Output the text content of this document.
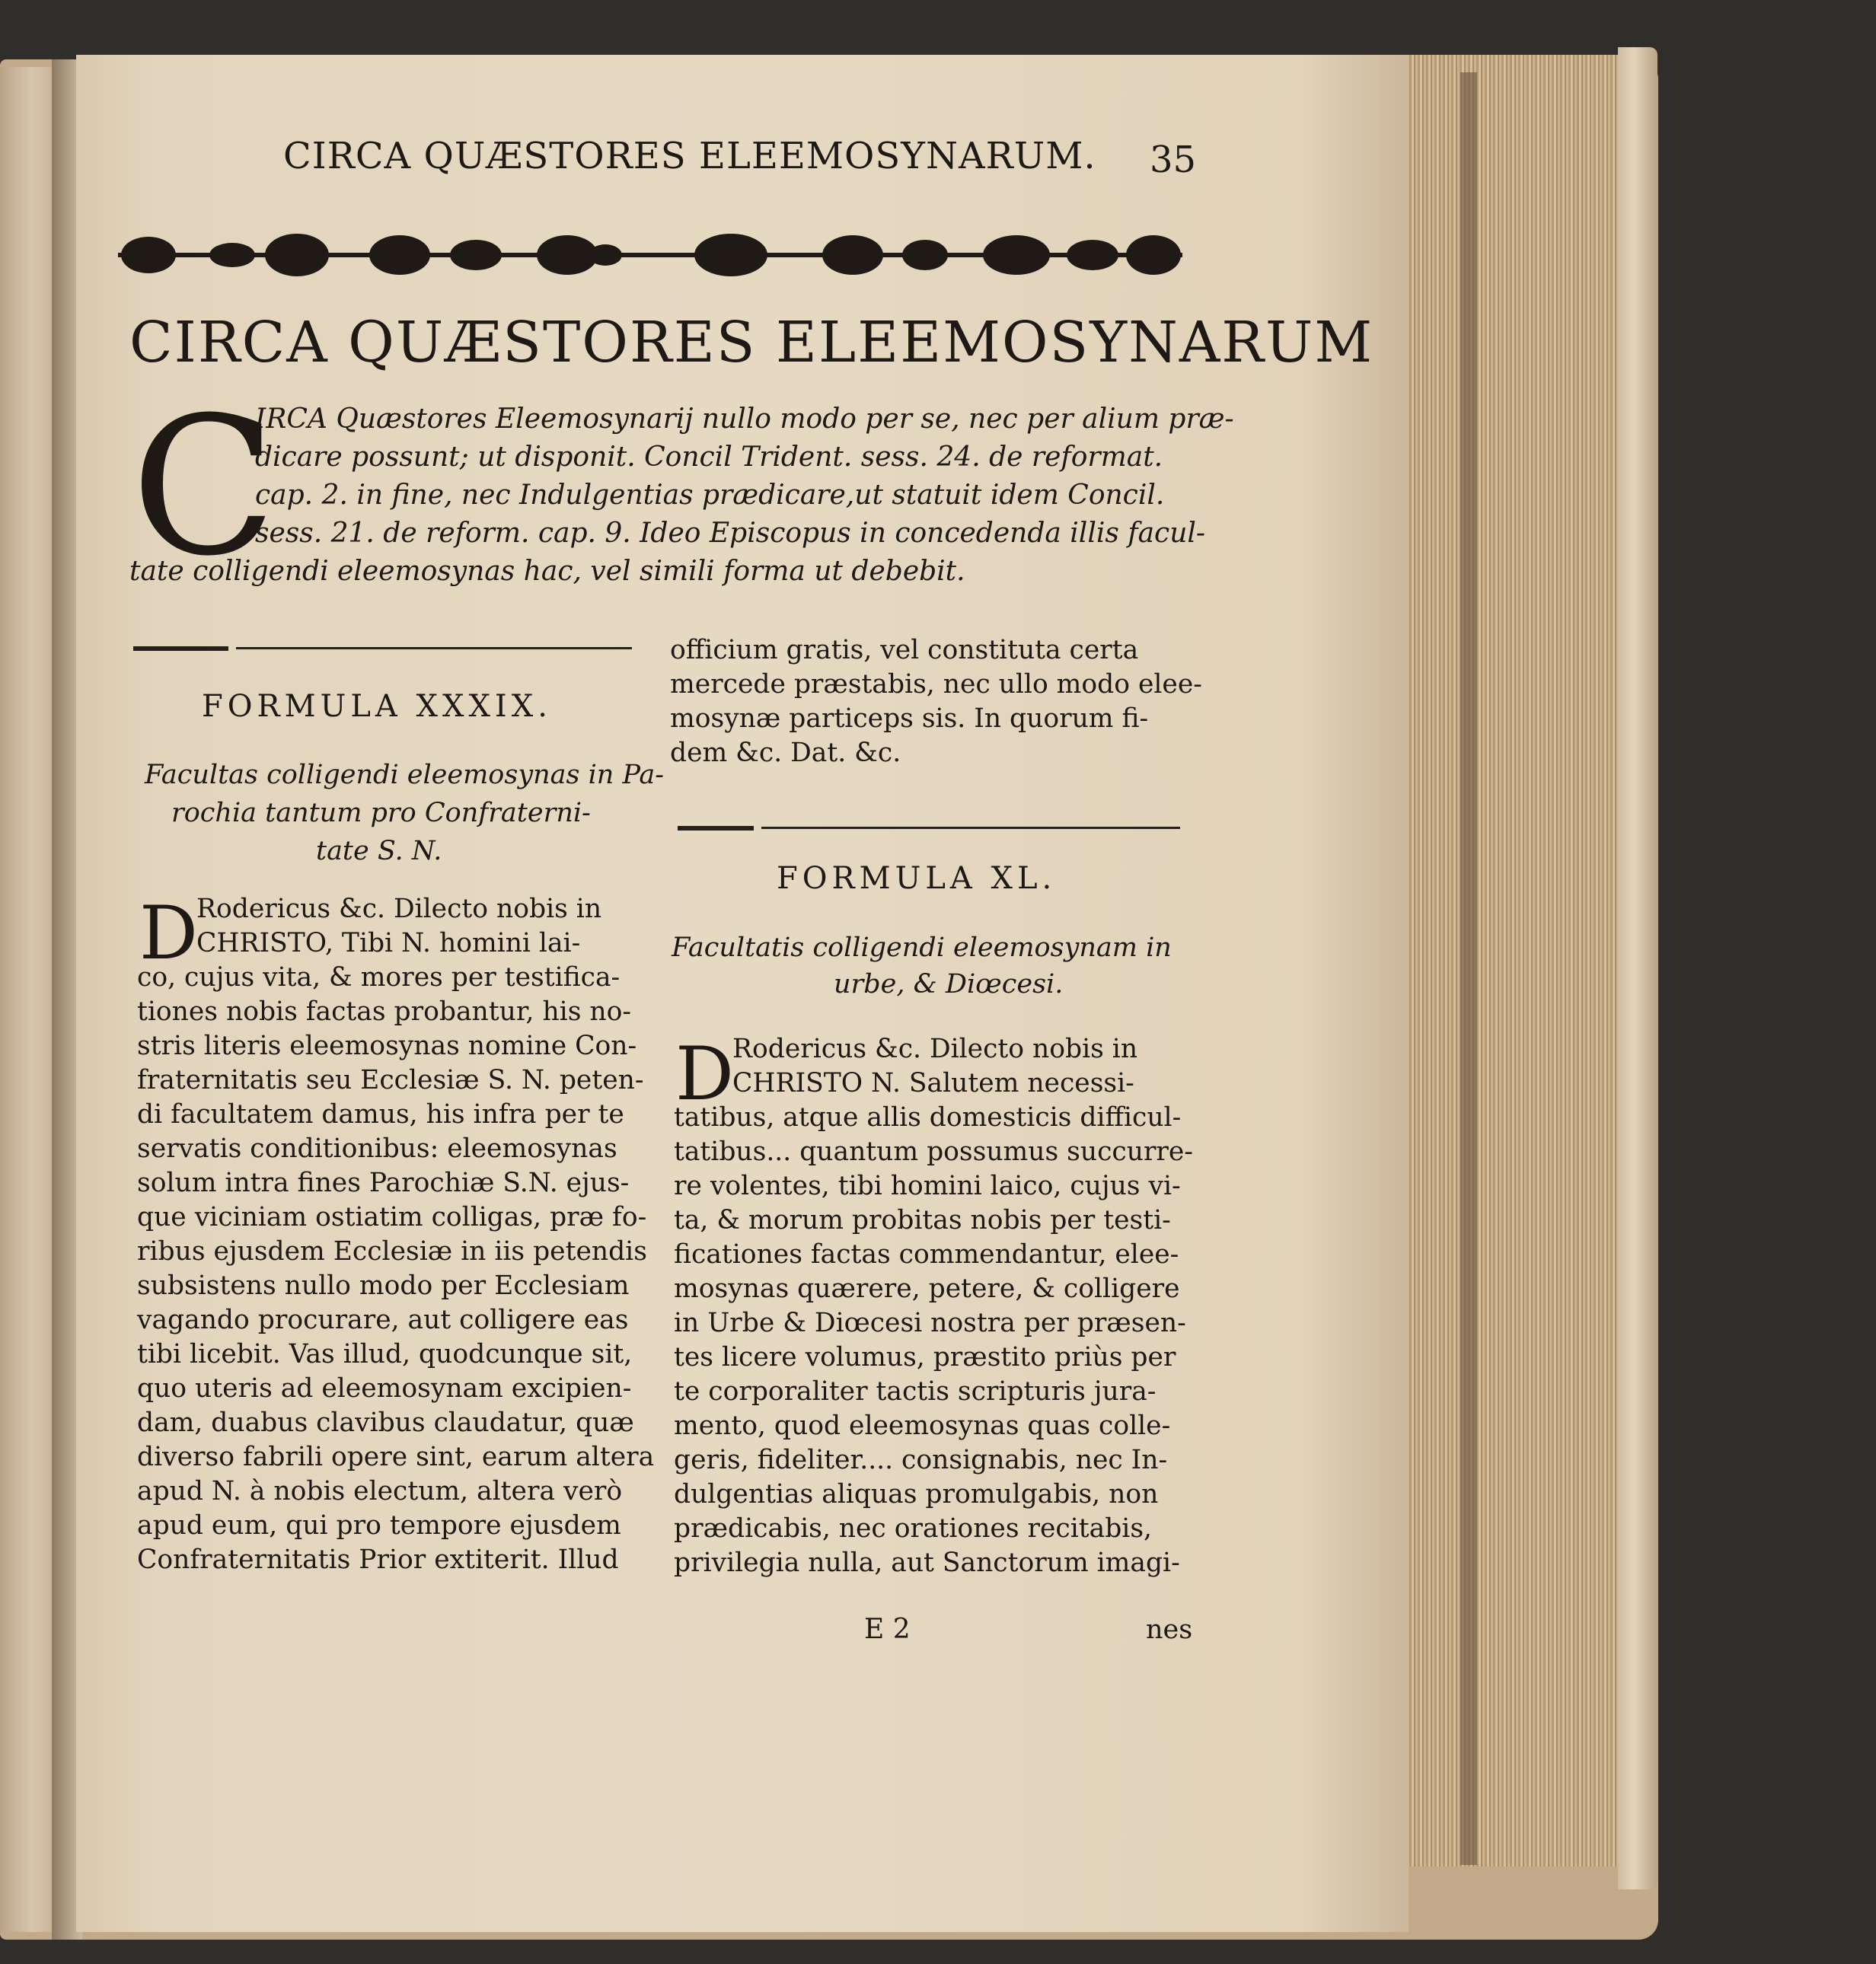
CIRCA QUÆSTORES ELEEMOSYNARUM. 35
CIRCA QUÆSTORES ELEEMOSYNARUM
C
IRCA Quæstores Eleemosynarij nullo modo per se, nec per alium præ-
dicare possunt; ut disponit. Concil Trident. sess. 24. de reformat.
cap. 2. in fine, nec Indulgentias prædicare,ut statuit idem Concil.
sess. 21. de reform. cap. 9. Ideo Episcopus in concedenda illis facul-
tate colligendi eleemosynas hac, vel simili forma ut debebit.
FORMULA XXXIX.
Facultas colligendi eleemosynas in Pa-
rochia tantum pro Confraterni-
tate S. N.
D
Rodericus &c. Dilecto nobis in
CHRISTO, Tibi N. homini lai-
co, cujus vita, & mores per testifica-
tiones nobis factas probantur, his no-
stris literis eleemosynas nomine Con-
fraternitatis seu Ecclesiæ S. N. peten-
di facultatem damus, his infra per te
servatis conditionibus: eleemosynas
solum intra fines Parochiæ S.N. ejus-
que viciniam ostiatim colligas, præ fo-
ribus ejusdem Ecclesiæ in iis petendis
subsistens nullo modo per Ecclesiam
vagando procurare, aut colligere eas
tibi licebit. Vas illud, quodcunque sit,
quo uteris ad eleemosynam excipien-
dam, duabus clavibus claudatur, quæ
diverso fabrili opere sint, earum altera
apud N. à nobis electum, altera verò
apud eum, qui pro tempore ejusdem
Confraternitatis Prior extiterit. Illud
officium gratis, vel constituta certa
mercede præstabis, nec ullo modo elee-
mosynæ particeps sis. In quorum fi-
dem &c. Dat. &c.
FORMULA XL.
Facultatis colligendi eleemosynam in
urbe, & Diœcesi.
D
Rodericus &c. Dilecto nobis in
CHRISTO N. Salutem necessi-
tatibus, atque allis domesticis difficul-
tatibus... quantum possumus succurre-
re volentes, tibi homini laico, cujus vi-
ta, & morum probitas nobis per testi-
ficationes factas commendantur, elee-
mosynas quærere, petere, & colligere
in Urbe & Diœcesi nostra per præsen-
tes licere volumus, præstito priùs per
te corporaliter tactis scripturis jura-
mento, quod eleemosynas quas colle-
geris, fideliter.... consignabis, nec In-
dulgentias aliquas promulgabis, non
prædicabis, nec orationes recitabis,
privilegia nulla, aut Sanctorum imagi-
E 2	nes
